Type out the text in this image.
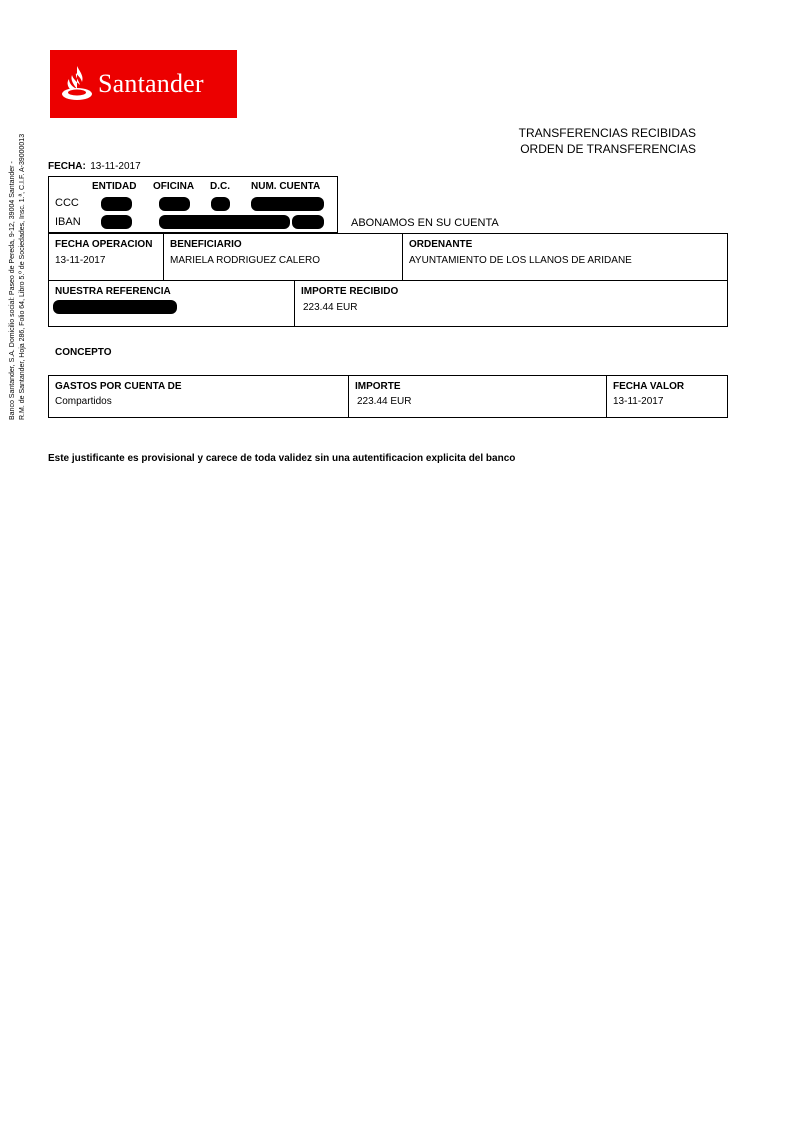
Santander
Banco Santander, S.A. Domicilio social: Paseo de Pereda, 9-12, 39004 Santander - R.M. de Santander, Hoja 286, Folio 64, Libro 5.º de Sociedades, Insc. 1.ª, C.I.F. A-39000013
TRANSFERENCIAS RECIBIDAS
ORDEN DE TRANSFERENCIAS
FECHA: 13-11-2017
ENTIDAD OFICINA D.C. NUM. CUENTA
CCC
IBAN	ABONAMOS EN SU CUENTA
FECHA OPERACION
13-11-2017
BENEFICIARIO
MARIELA RODRIGUEZ CALERO
ORDENANTE
AYUNTAMIENTO DE LOS LLANOS DE ARIDANE
NUESTRA REFERENCIA	IMPORTE RECIBIDO
223.44 EUR
CONCEPTO
GASTOS POR CUENTA DE
Compartidos
IMPORTE
223.44 EUR
FECHA VALOR
13-11-2017
Este justificante es provisional y carece de toda validez sin una autentificacion explicita del banco
